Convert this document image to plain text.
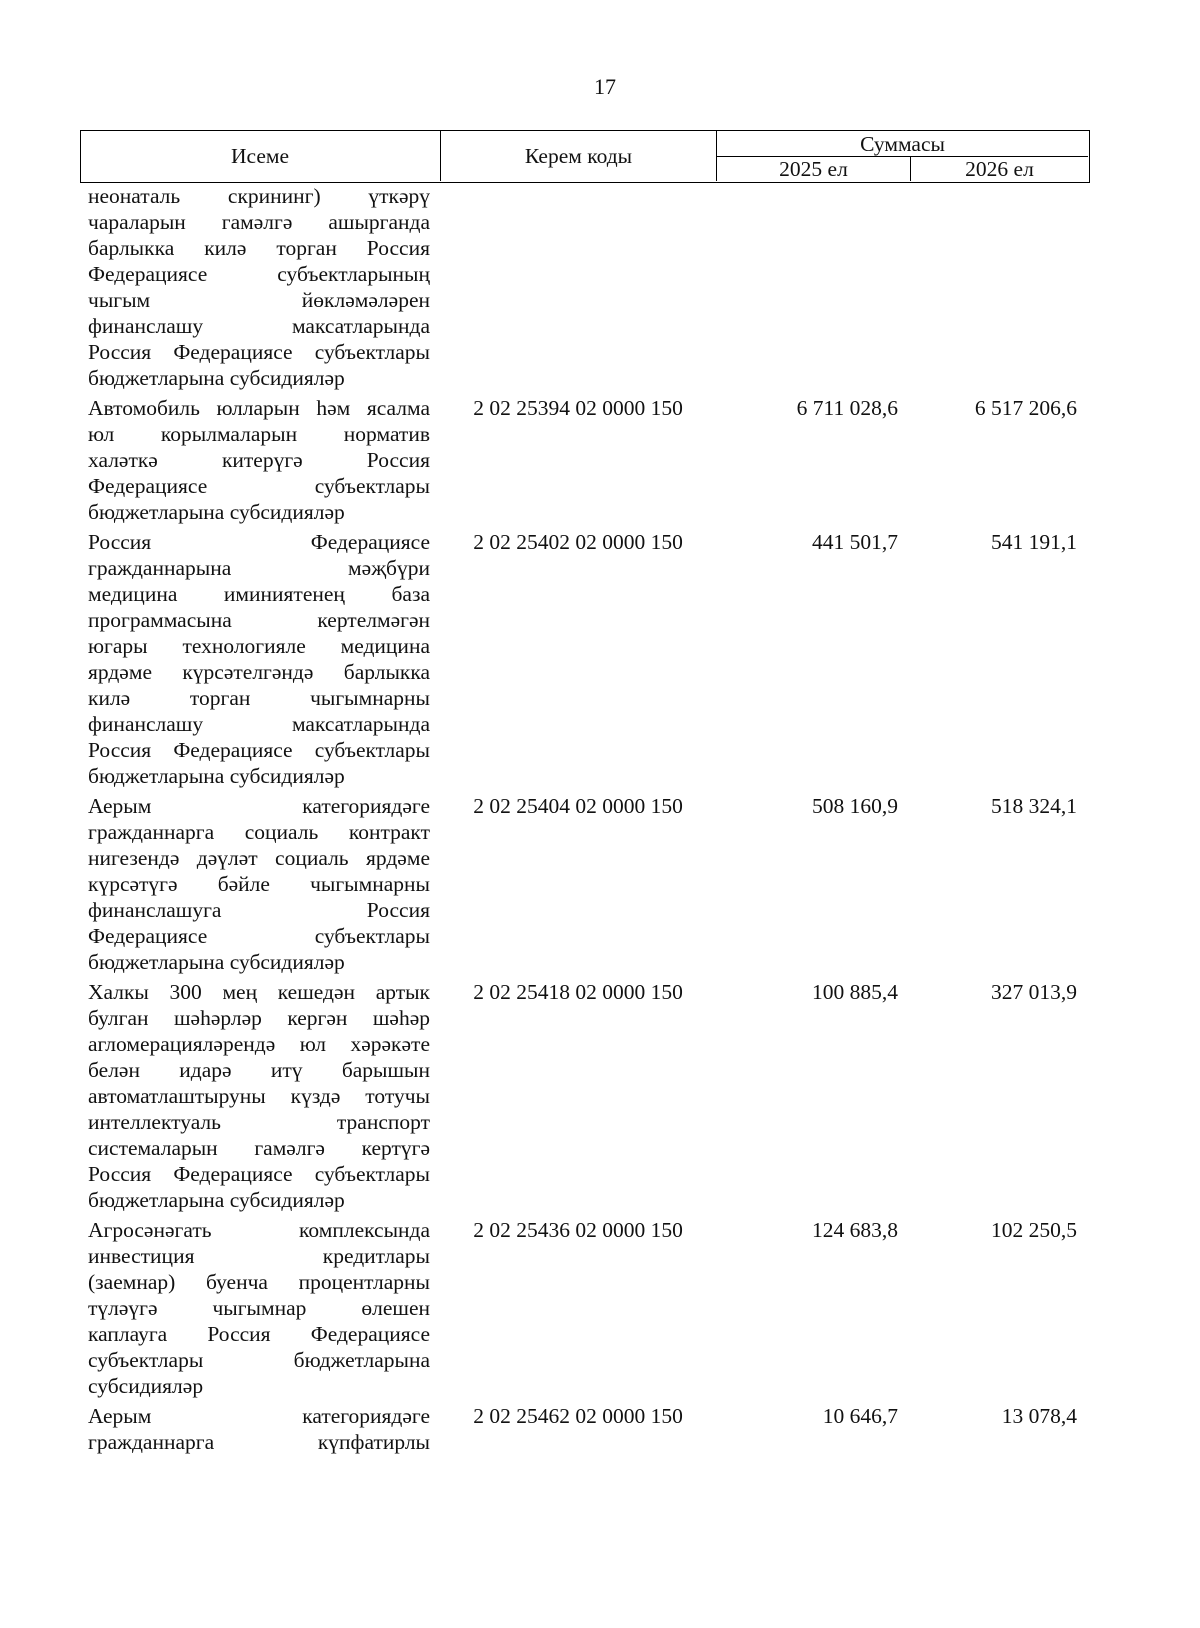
17
Исеме	Керем коды	Суммасы
2025 ел	2026 ел
неонаталь скрининг) үткәрү
чараларын гамәлгә ашырганда
барлыкка килә торган Россия
Федерациясе субъектларының
чыгым йөкләмәләрен
финанслашу максатларында
Россия Федерациясе субъектлары
бюджетларына субсидияләр
Автомобиль юлларын һәм ясалма
юл корылмаларын норматив
халәткә китерүгә Россия
Федерациясе субъектлары
бюджетларына субсидияләр
2 02 25394 02 0000 150	6 711 028,6	6 517 206,6
Россия Федерациясе
гражданнарына мәҗбүри
медицина иминиятенең база
программасына кертелмәгән
югары технологияле медицина
ярдәме күрсәтелгәндә барлыкка
килә торган чыгымнарны
финанслашу максатларында
Россия Федерациясе субъектлары
бюджетларына субсидияләр
2 02 25402 02 0000 150	441 501,7	541 191,1
Аерым категориядәге
гражданнарга социаль контракт
нигезендә дәүләт социаль ярдәме
күрсәтүгә бәйле чыгымнарны
финанслашуга Россия
Федерациясе субъектлары
бюджетларына субсидияләр
2 02 25404 02 0000 150	508 160,9	518 324,1
Халкы 300 мең кешедән артык
булган шәһәрләр кергән шәһәр
агломерацияләрендә юл хәрәкәте
белән идарә итү барышын
автоматлаштыруны күздә тотучы
интеллектуаль транспорт
системаларын гамәлгә кертүгә
Россия Федерациясе субъектлары
бюджетларына субсидияләр
2 02 25418 02 0000 150	100 885,4	327 013,9
Агросәнәгать комплексында
инвестиция кредитлары
(заемнар) буенча процентларны
түләүгә чыгымнар өлешен
каплауга Россия Федерациясе
субъектлары бюджетларына
субсидияләр
2 02 25436 02 0000 150	124 683,8	102 250,5
Аерым категориядәге
гражданнарга күпфатирлы
2 02 25462 02 0000 150	10 646,7	13 078,4
